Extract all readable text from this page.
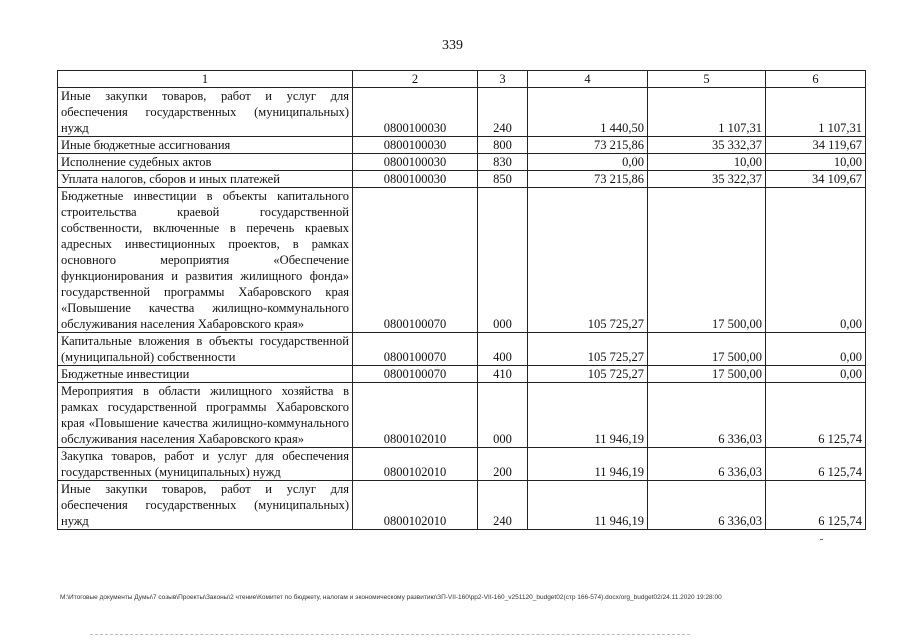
339
1	2	3	4	5	6
Иные закупки товаров, работ и услуг для обеспечения государственных (муниципальных) нужд	0800100030	240	1 440,50	1 107,31	1 107,31
Иные бюджетные ассигнования	0800100030	800	73 215,86	35 332,37	34 119,67
Исполнение судебных актов	0800100030	830	0,00	10,00	10,00
Уплата налогов, сборов и иных платежей	0800100030	850	73 215,86	35 322,37	34 109,67
Бюджетные инвестиции в объекты капитального строительства краевой государственной собственности, включенные в перечень краевых адресных инвестиционных проектов, в рамках основного мероприятия «Обеспечение функционирования и развития жилищного фонда» государственной программы Хабаровского края «Повышение качества жилищно-коммунального обслуживания населения Хабаровского края»	0800100070	000	105 725,27	17 500,00	0,00
Капитальные вложения в объекты государственной (муниципальной) собственности	0800100070	400	105 725,27	17 500,00	0,00
Бюджетные инвестиции	0800100070	410	105 725,27	17 500,00	0,00
Мероприятия в области жилищного хозяйства в рамках государственной программы Хабаровского края «Повышение качества жилищно-коммунального обслуживания населения Хабаровского края»	0800102010	000	11 946,19	6 336,03	6 125,74
Закупка товаров, работ и услуг для обеспечения государственных (муниципальных) нужд	0800102010	200	11 946,19	6 336,03	6 125,74
Иные закупки товаров, работ и услуг для обеспечения государственных (муниципальных) нужд	0800102010	240	11 946,19	6 336,03	6 125,74
M:\Итоговые документы Думы\7 созыв\Проекты\Законы\2 чтение\Комитет по бюджету, налогам и экономическому развитию\ЗП-VII-160\рр2-VII-160_v251120_budget02(стр 166-574).docx/org_budget02/24.11.2020 19:28:00
